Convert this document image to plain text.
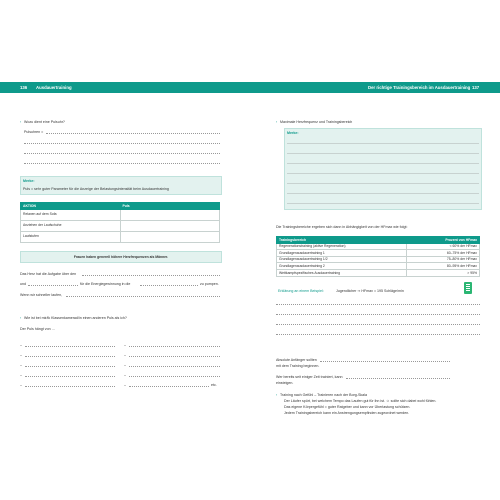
136 Ausdauertraining	Der richtige Trainingsbereich im Ausdauertraining 137
› Wozu dient eine Pulsuhr?
Pulsuhren =
Merke:
Puls = sehr guter Parameter für die Anzeige der Belastungsintensität beim Ausdauertraining
AKTION	Puls
Relaxen auf dem Sofa	
Anziehen der Laufschuhe	
Laufstufen	
Frauen haben generell höhere Herzfrequenzen als Männer.
Das Herz hat die Aufgabe über den
und	für die Energiegewinnung in die	zu pumpen.
Wenn wir schneller laufen,
› Wie ist bei mir/ik Klassenkamerad/in einen anderen Puls als ich?
Der Puls hängt von …
–	–
–	–
–	–
–	–
–	–	etc.
› Maximale Herzfrequenz und Trainingsbereich
Merke:
Die Trainingsbereiche ergeben sich dann in Abhängigkeit von der HFmax wie folgt:
Trainingsbereich	Prozent von HFmax
Regenerationstraining (aktive Regeneration)	< 60% der HFmax
Grundlagenausdauertraining 1	60–75% der HFmax
Grundlagenausdauertraining 1/2	75–80% der HFmax
Grundlagenausdauertraining 2	80–95% der HFmax
Wettkampfspezifisches Ausdauertraining	> 95%
Erklärung an einem Beispiel:	Jugendlicher ⇒ HFmax = 195 Schläge/min
Absolute Anfänger sollten
mit dem Training beginnen.
Wer bereits seit einiger Zeit trainiert, kann
einsteigen.
› Training nach Gefühl – Trainieren nach der Borg-Skala
Der Läufer spürt, bei welchem Tempo das Laufen gut für ihn ist. ☺ sollte sich dabei wohl fühlen.
Das eigene Körpergefühl = guter Ratgeber und kann vor Überlastung schützen.
Jedem Trainingsbereich kann ein Anstrengungsempfinden zugeordnet werden.
